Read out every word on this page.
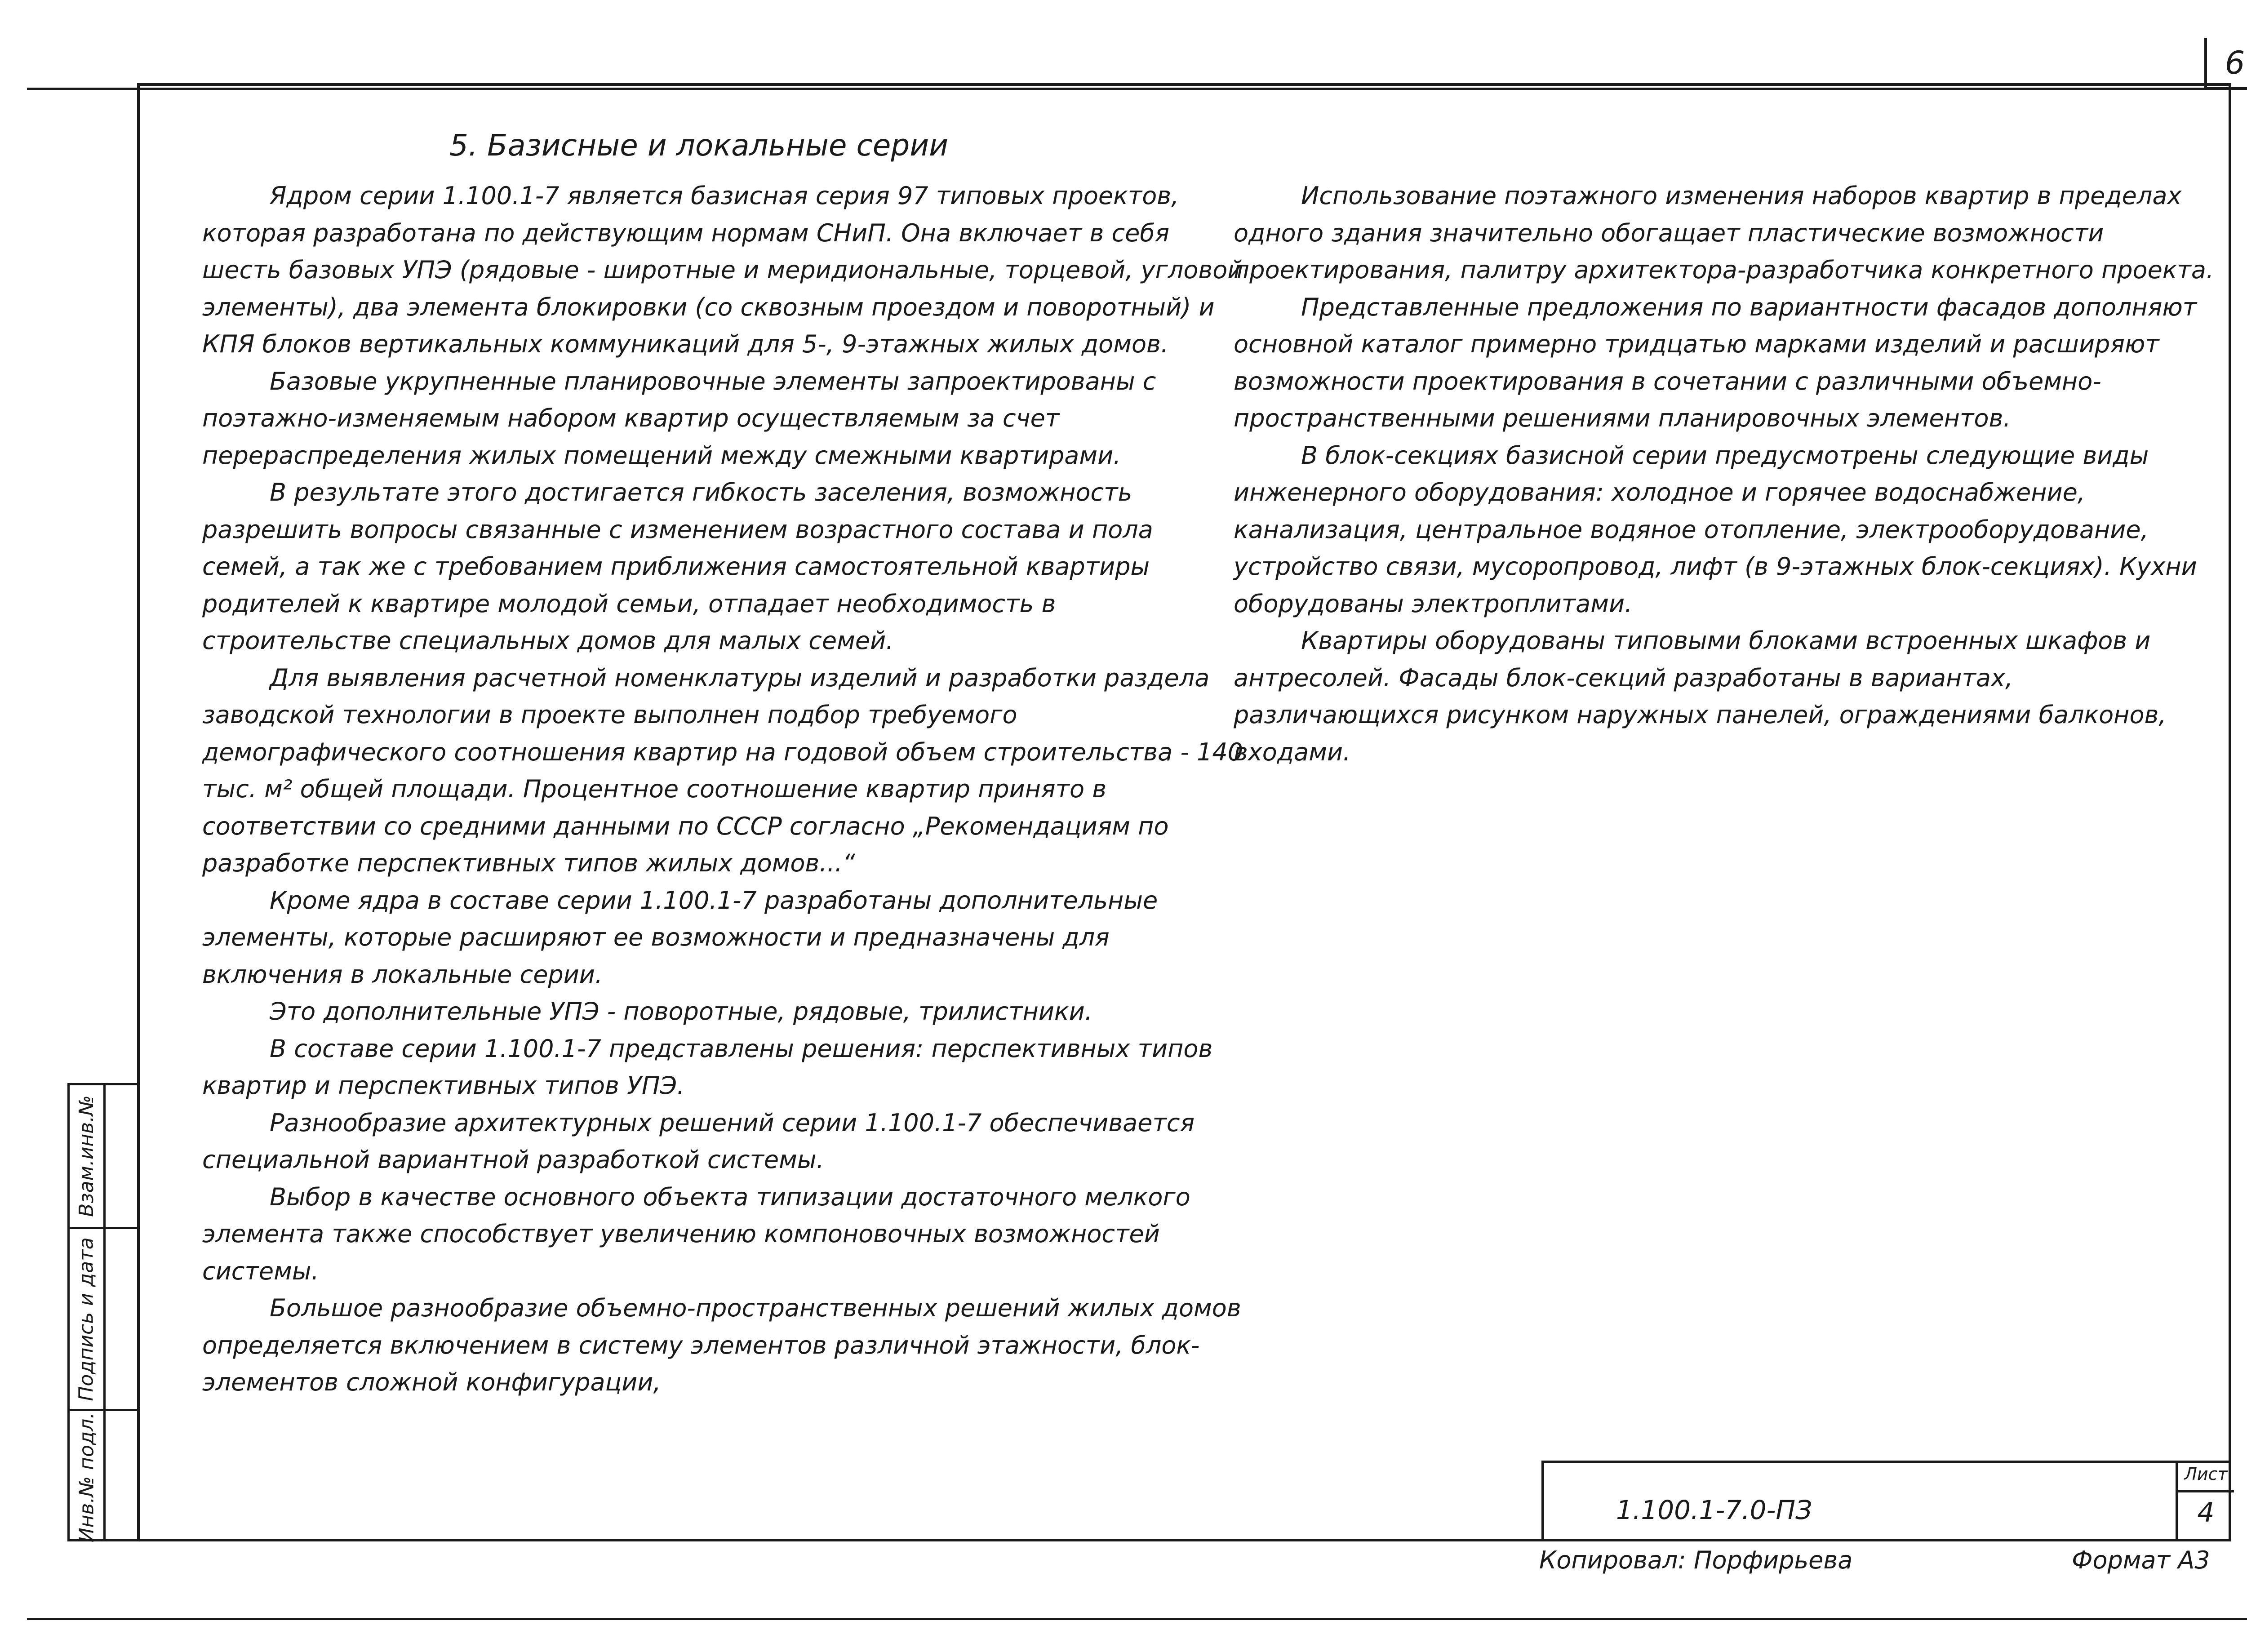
6
Взам.инв.№
Подпись и дата
Инв.№ подл.
5. Базисные и локальные серии

Ядром серии 1.100.1-7 является базисная серия 97 типовых проектов, которая разработана по действующим нормам СНиП. Она включает в себя шесть базовых УПЭ (рядовые - широтные и меридиональные, торцевой, угловой элементы), два элемента блокировки (со сквозным проездом и поворотный) и КПЯ блоков вертикальных коммуникаций для 5-, 9-этажных жилых домов.

Базовые укрупненные планировочные элементы запроектированы с поэтажно-изменяемым набором квартир осуществляемым за счет перераспределения жилых помещений между смежными квартирами.

В результате этого достигается гибкость заселения, возможность разрешить вопросы связанные с изменением возрастного состава и пола семей, а так же с требованием приближения самостоятельной квартиры родителей к квартире молодой семьи, отпадает необходимость в строительстве специальных домов для малых семей.

Для выявления расчетной номенклатуры изделий и разработки раздела заводской технологии в проекте выполнен подбор требуемого демографического соотношения квартир на годовой объем строительства - 140 тыс. м² общей площади. Процентное соотношение квартир принято в соответствии со средними данными по СССР согласно „Рекомендациям по разработке перспективных типов жилых домов...“

Кроме ядра в составе серии 1.100.1-7 разработаны дополнительные элементы, которые расширяют ее возможности и предназначены для включения в локальные серии.

Это дополнительные УПЭ - поворотные, рядовые, трилистники.

В составе серии 1.100.1-7 представлены решения: перспективных типов квартир и перспективных типов УПЭ.

Разнообразие архитектурных решений серии 1.100.1-7 обеспечивается специальной вариантной разработкой системы.

Выбор в качестве основного объекта типизации достаточного мелкого элемента также способствует увеличению компоновочных возможностей системы.

Большое разнообразие объемно-пространственных решений жилых домов определяется включением в систему элементов различной этажности, блок-элементов сложной конфигурации,

Использование поэтажного изменения наборов квартир в пределах одного здания значительно обогащает пластические возможности проектирования, палитру архитектора-разработчика конкретного проекта.

Представленные предложения по вариантности фасадов дополняют основной каталог примерно тридцатью марками изделий и расширяют возможности проектирования в сочетании с различными объемно-пространственными решениями планировочных элементов.

В блок-секциях базисной серии предусмотрены следующие виды инженерного оборудования: холодное и горячее водоснабжение, канализация, центральное водяное отопление, электрооборудование, устройство связи, мусоропровод, лифт (в 9-этажных блок-секциях). Кухни оборудованы электроплитами.

Квартиры оборудованы типовыми блоками встроенных шкафов и антресолей. Фасады блок-секций разработаны в вариантах, различающихся рисунком наружных панелей, ограждениями балконов, входами.

1.100.1-7.0-ПЗ
Лист
4
Копировал: Порфирьева	Формат А3
